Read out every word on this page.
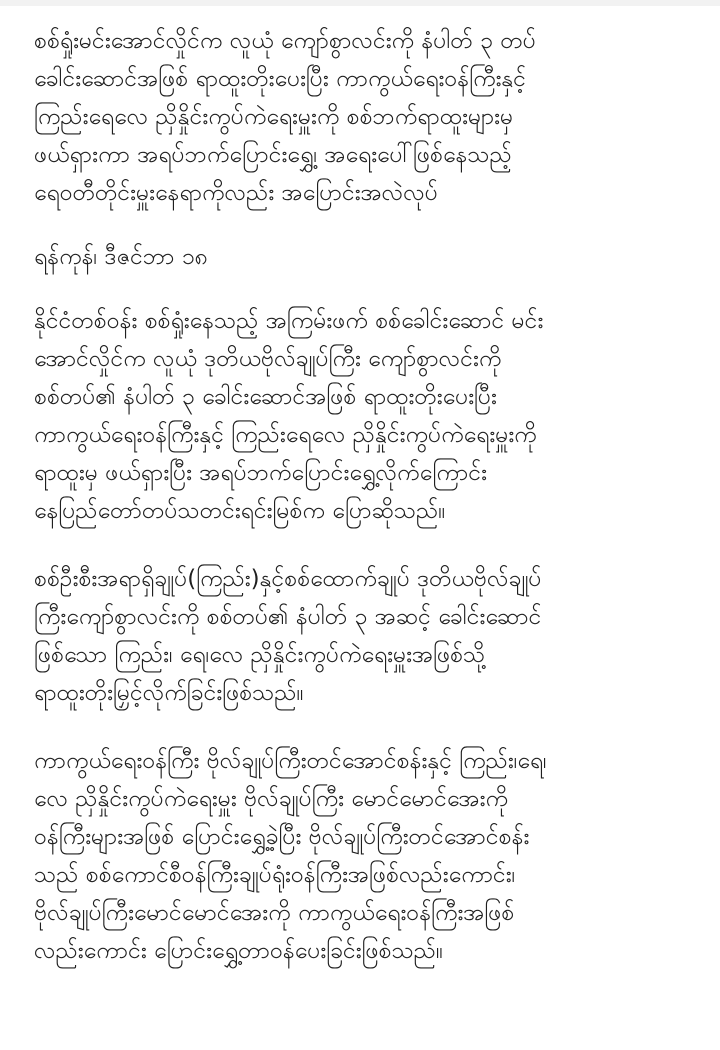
စစ်ရှုံးမင်းအောင်လှိုင်က လူယုံ ကျော်စွာလင်းကို နံပါတ် ၃ တပ်
ခေါင်းဆောင်အဖြစ် ရာထူးတိုးပေးပြီး ကာကွယ်ရေးဝန်ကြီးနှင့်
ကြည်းရေလေ ညှိနှိုင်းကွပ်ကဲရေးမှူးကို စစ်ဘက်ရာထူးများမှ
ဖယ်ရှားကာ အရပ်ဘက်ပြောင်းရွှေ့၊ အရေးပေါ်ဖြစ်နေသည့်
ရေဝတီတိုင်းမှူးနေရာကိုလည်း အပြောင်းအလဲလုပ်

ရန်ကုန်၊ ဒီဇင်ဘာ ၁၈

နိုင်ငံတစ်ဝန်း စစ်ရှုံးနေသည့် အကြမ်းဖက် စစ်ခေါင်းဆောင် မင်း
အောင်လှိုင်က လူယုံ ဒုတိယဗိုလ်ချုပ်ကြီး ကျော်စွာလင်းကို
စစ်တပ်၏ နံပါတ် ၃ ခေါင်းဆောင်အဖြစ် ရာထူးတိုးပေးပြီး
ကာကွယ်ရေးဝန်ကြီးနှင့် ကြည်းရေလေ ညှိနှိုင်းကွပ်ကဲရေးမှူးကို
ရာထူးမှ ဖယ်ရှားပြီး အရပ်ဘက်ပြောင်းရွှေ့လိုက်ကြောင်း
နေပြည်တော်တပ်သတင်းရင်းမြစ်က ပြောဆိုသည်။

စစ်ဦးစီးအရာရှိချုပ်(ကြည်း)နှင့်စစ်ထောက်ချုပ် ဒုတိယဗိုလ်ချုပ်
ကြီးကျော်စွာလင်းကို စစ်တပ်၏ နံပါတ် ၃ အဆင့် ခေါင်းဆောင်
ဖြစ်သော ကြည်း၊ ရေ၊လေ ညှိနှိုင်းကွပ်ကဲရေးမှူးအဖြစ်သို့
ရာထူးတိုးမြှင့်လိုက်ခြင်းဖြစ်သည်။

ကာကွယ်ရေးဝန်ကြီး ဗိုလ်ချုပ်ကြီးတင်အောင်စန်းနှင့် ကြည်း၊ရေ၊
လေ ညှိနှိုင်းကွပ်ကဲရေးမှူး ဗိုလ်ချုပ်ကြီး မောင်မောင်အေးကို
ဝန်ကြီးများအဖြစ် ပြောင်းရွှေ့ခဲ့ပြီး ဗိုလ်ချုပ်ကြီးတင်အောင်စန်း
သည် စစ်ကောင်စီဝန်ကြီးချုပ်ရုံးဝန်ကြီးအဖြစ်လည်းကောင်း၊
ဗိုလ်ချုပ်ကြီးမောင်မောင်အေးကို ကာကွယ်ရေးဝန်ကြီးအဖြစ်
လည်းကောင်း ပြောင်းရွှေ့တာဝန်ပေးခြင်းဖြစ်သည်။
